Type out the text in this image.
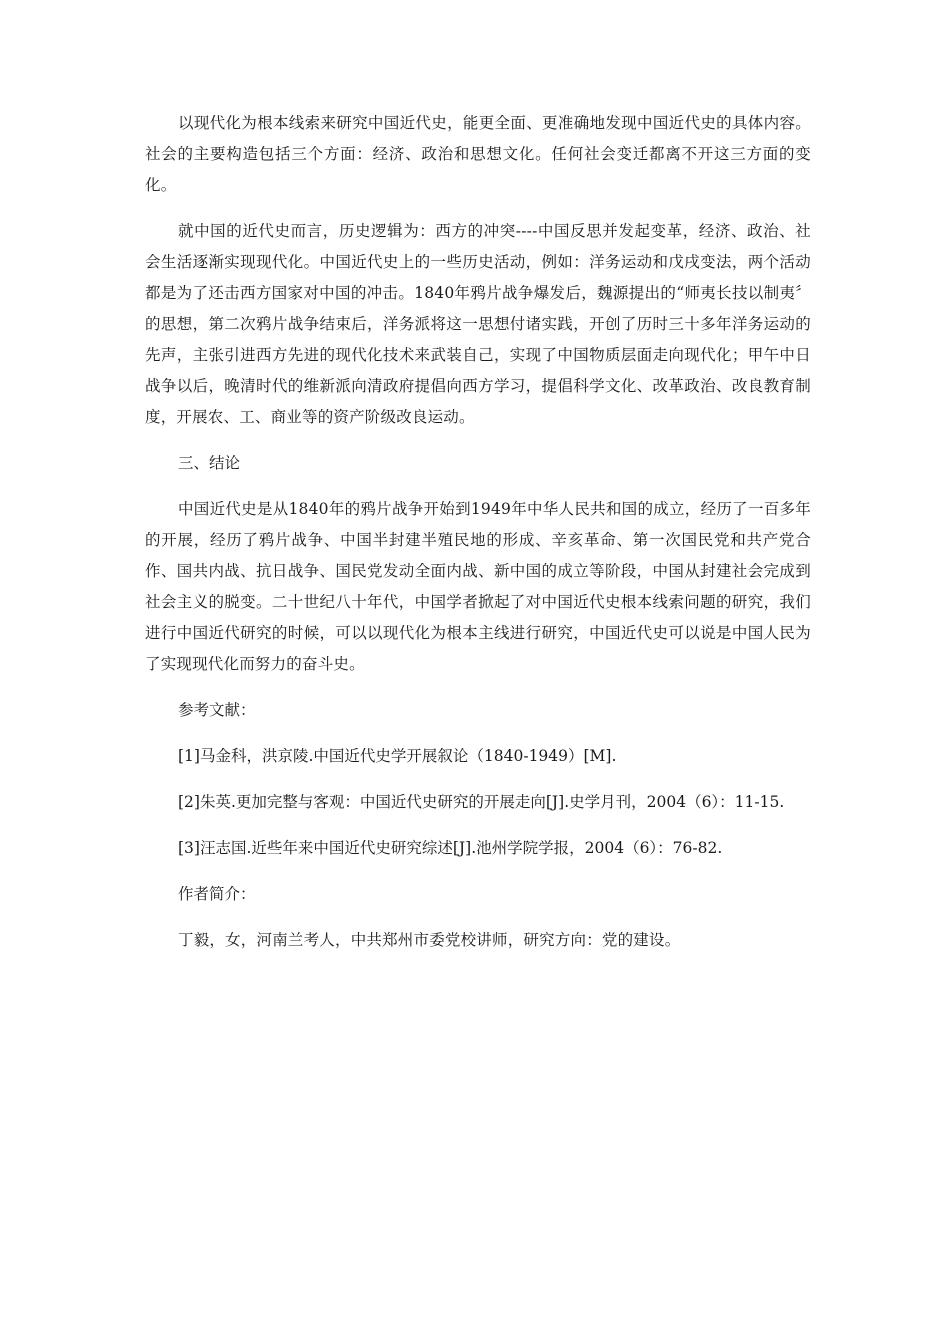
以现代化为根本线索来研究中国近代史，能更全面、更准确地发现中国近代史的具体内容。社会的主要构造包括三个方面：经济、政治和思想文化。任何社会变迁都离不开这三方面的变化。

就中国的近代史而言，历史逻辑为：西方的冲突----中国反思并发起变革，经济、政治、社会生活逐渐实现现代化。中国近代史上的一些历史活动，例如：洋务运动和戊戌变法，两个活动都是为了还击西方国家对中国的冲击。1840年鸦片战争爆发后，魏源提出的“师夷长技以制夷〞的思想，第二次鸦片战争结束后，洋务派将这一思想付诸实践，开创了历时三十多年洋务运动的先声，主张引进西方先进的现代化技术来武装自己，实现了中国物质层面走向现代化；甲午中日战争以后，晚清时代的维新派向清政府提倡向西方学习，提倡科学文化、改革政治、改良教育制度，开展农、工、商业等的资产阶级改良运动。

三、结论

中国近代史是从1840年的鸦片战争开始到1949年中华人民共和国的成立，经历了一百多年的开展，经历了鸦片战争、中国半封建半殖民地的形成、辛亥革命、第一次国民党和共产党合作、国共内战、抗日战争、国民党发动全面内战、新中国的成立等阶段，中国从封建社会完成到社会主义的脱变。二十世纪八十年代，中国学者掀起了对中国近代史根本线索问题的研究，我们进行中国近代研究的时候，可以以现代化为根本主线进行研究，中国近代史可以说是中国人民为了实现现代化而努力的奋斗史。

参考文献：

[1]马金科，洪京陵.中国近代史学开展叙论（1840-1949）[M].

[2]朱英.更加完整与客观：中国近代史研究的开展走向[J].史学月刊，2004（6）：11-15.

[3]汪志国.近些年来中国近代史研究综述[J].池州学院学报，2004（6）：76-82.

作者简介：

丁毅，女，河南兰考人，中共郑州市委党校讲师，研究方向：党的建设。
